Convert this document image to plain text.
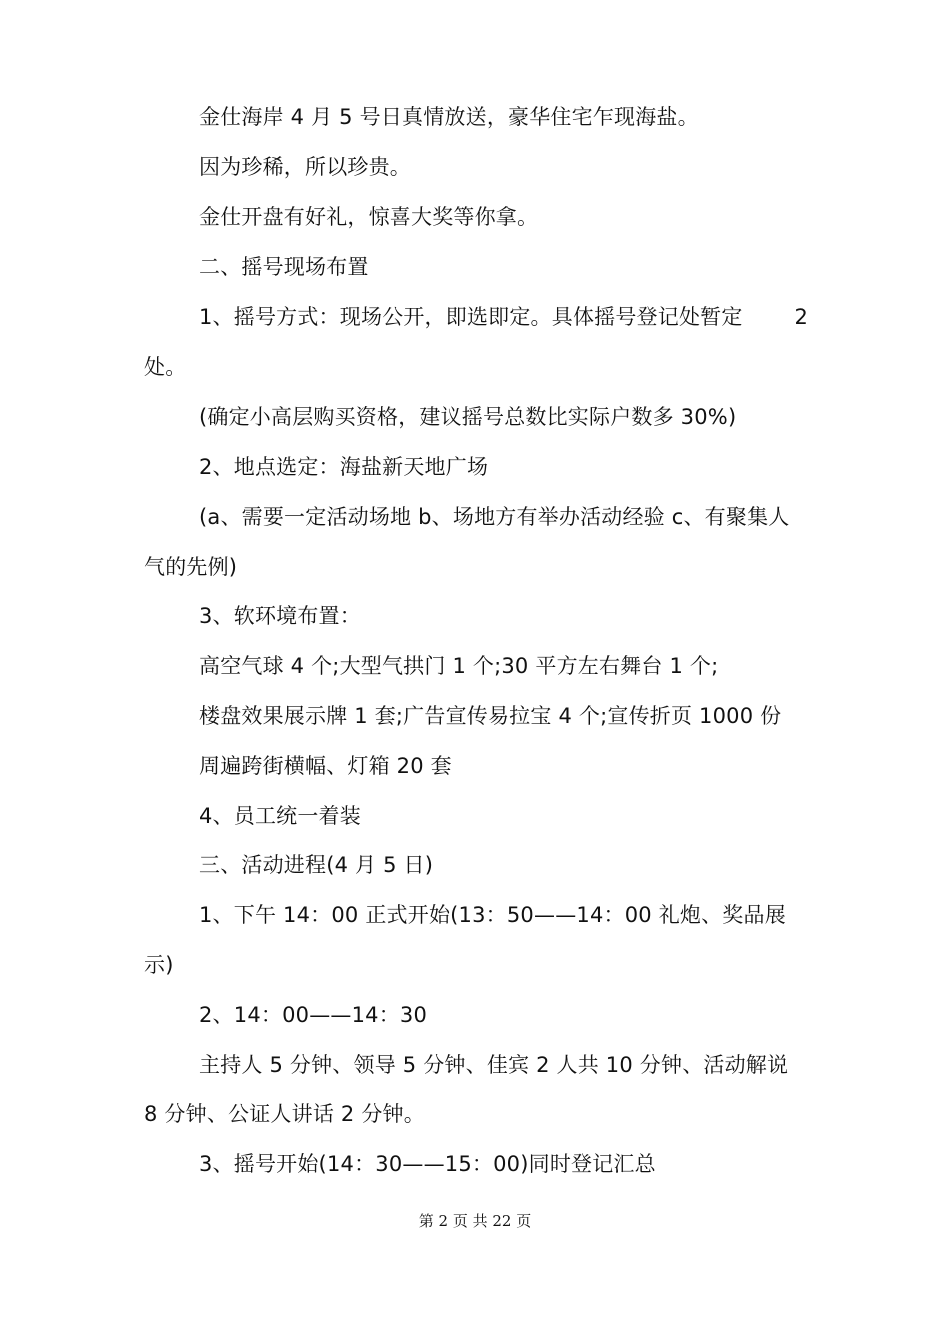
金仕海岸 4 月 5 号日真情放送，豪华住宅乍现海盐。
因为珍稀，所以珍贵。
金仕开盘有好礼，惊喜大奖等你拿。
二、摇号现场布置
1、摇号方式：现场公开，即选即定。具体摇号登记处暂定 2
处。
(确定小高层购买资格，建议摇号总数比实际户数多 30%)
2、地点选定：海盐新天地广场
(a、需要一定活动场地 b、场地方有举办活动经验 c、有聚集人
气的先例)
3、软环境布置：
高空气球 4 个;大型气拱门 1 个;30 平方左右舞台 1 个;
楼盘效果展示牌 1 套;广告宣传易拉宝 4 个;宣传折页 1000 份
周遍跨街横幅、灯箱 20 套
4、员工统一着装
三、活动进程(4 月 5 日)
1、下午 14：00 正式开始(13：50——14：00 礼炮、奖品展
示)
2、14：00——14：30
主持人 5 分钟、领导 5 分钟、佳宾 2 人共 10 分钟、活动解说
8 分钟、公证人讲话 2 分钟。
3、摇号开始(14：30——15：00)同时登记汇总
第 2 页 共 22 页
